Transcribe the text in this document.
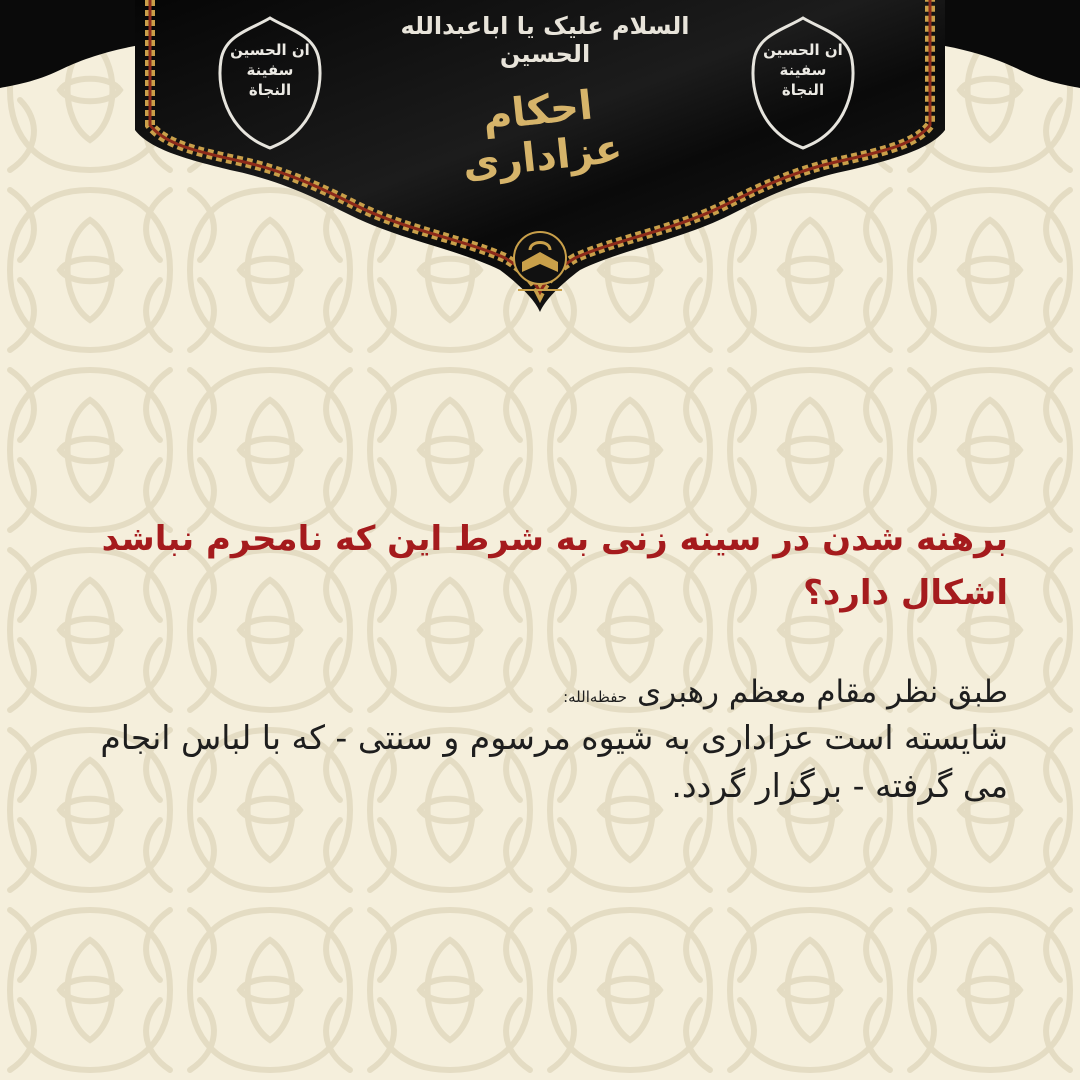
ان الحسین سفینة النجاة
ان الحسین سفینة النجاة
السلام علیک یا اباعبدالله الحسین
احکام عزاداری
برهنه شدن در سینه زنی به شرط این که نامحرم نباشد اشکال دارد؟
طبق نظر مقام معظم رهبری حفظه‌الله:
شایسته است عزاداری به شیوه مرسوم و سنتی - که با لباس انجام می گرفته - برگزار گردد.
